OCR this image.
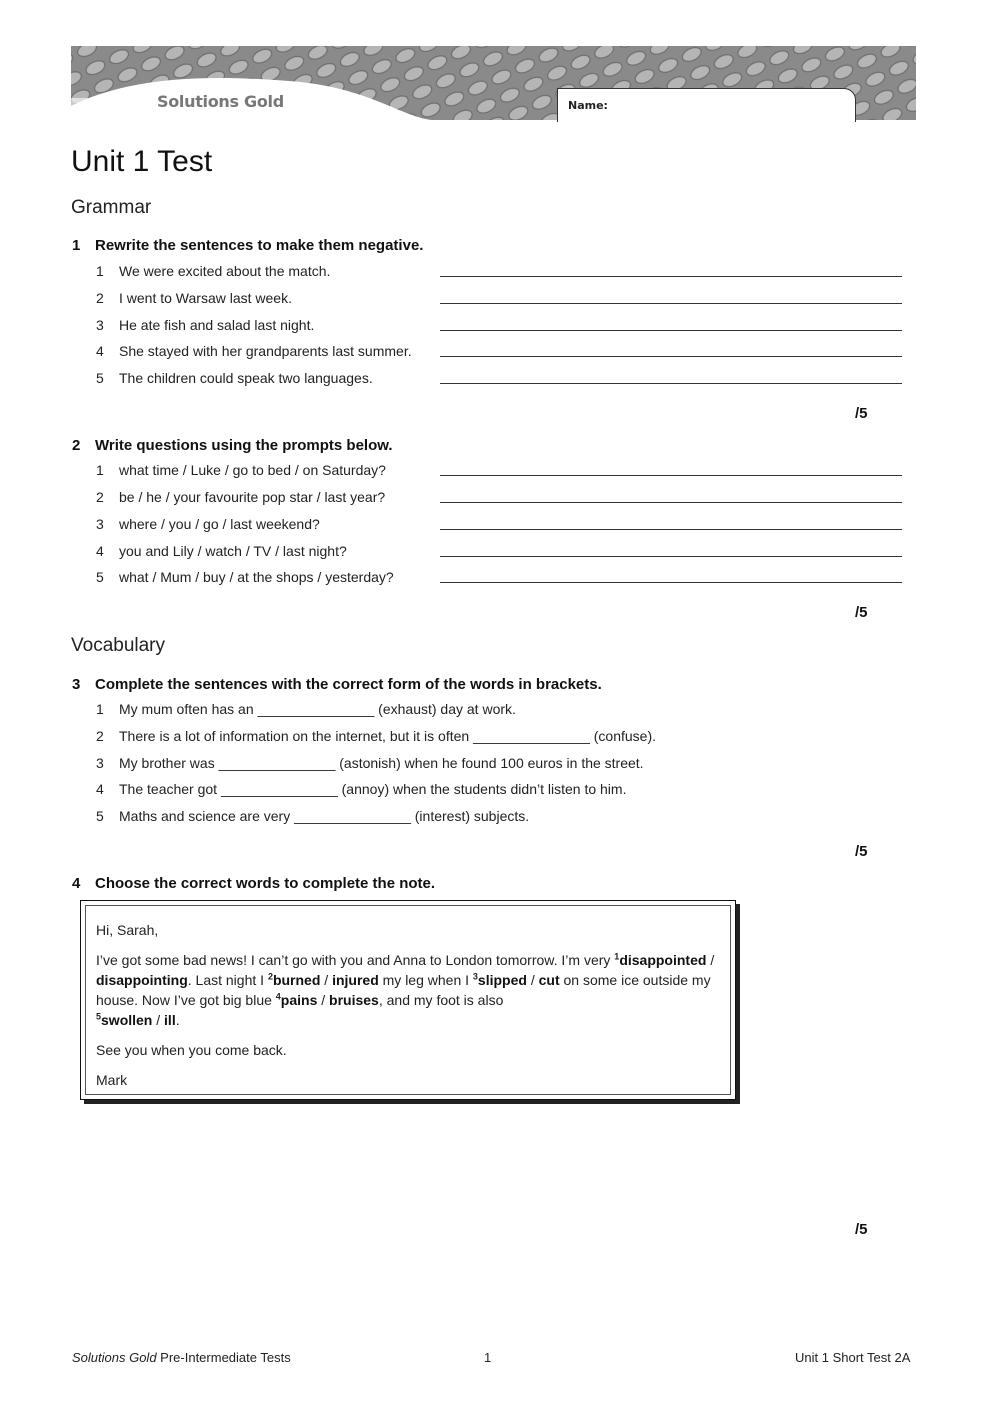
Solutions Gold	Name:
Unit 1 Test
Grammar
1 Rewrite the sentences to make them negative.
1 We were excited about the match.
2 I went to Warsaw last week.
3 He ate fish and salad last night.
4 She stayed with her grandparents last summer.
5 The children could speak two languages.
/5
2 Write questions using the prompts below.
1 what time / Luke / go to bed / on Saturday?
2 be / he / your favourite pop star / last year?
3 where / you / go / last weekend?
4 you and Lily / watch / TV / last night?
5 what / Mum / buy / at the shops / yesterday?
/5
Vocabulary
3 Complete the sentences with the correct form of the words in brackets.
1 My mum often has an _______________ (exhaust) day at work.
2 There is a lot of information on the internet, but it is often _______________ (confuse).
3 My brother was _______________ (astonish) when he found 100 euros in the street.
4 The teacher got _______________ (annoy) when the students didn’t listen to him.
5 Maths and science are very _______________ (interest) subjects.
/5
4 Choose the correct words to complete the note.

Hi, Sarah,

I’ve got some bad news! I can’t go with you and Anna to London tomorrow. I’m very $^1$disappointed / disappointing. Last night I $^2$burned / injured my leg when I $^3$slipped / cut on some ice outside my house. Now I’ve got big blue $^4$pains / bruises, and my foot is also
$^5$swollen / ill.

See you when you come back.

Mark

/5
Solutions Gold Pre-Intermediate Tests	1	Unit 1 Short Test 2A
